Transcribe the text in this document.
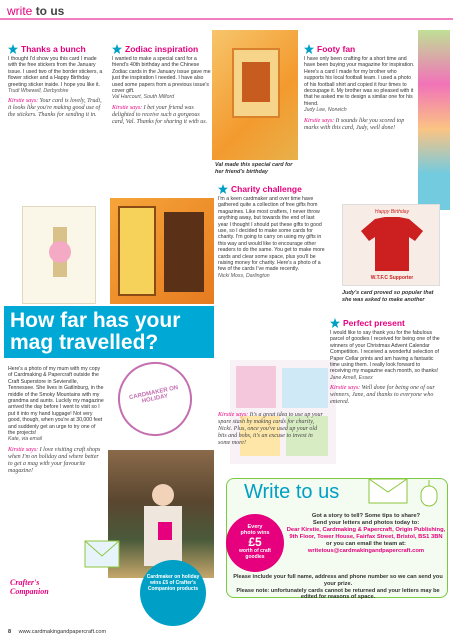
write to us
Thanks a bunch
I thought I'd show you this card I made with the free stickers from the January issue. I used two of the border stickers, a flower sticker and a Happy Birthday greeting sticker inside. I hope you like it.
Trudi Whewell, Derbyshire
Kirstie says: Your card is lovely, Trudi, it looks like you're making good use of the stickers. Thanks for sending it in.
Zodiac inspiration
I wanted to make a special card for a friend's 40th birthday and the Chinese Zodiac cards in the January issue gave me just the inspiration I needed. I have also used some papers from a previous issue's cover gift.
Val Harcourt, South Milford
Kirstie says: I bet your friend was delighted to receive such a gorgeous card, Val. Thanks for sharing it with us.
Val made this special card for her friend's birthday
Footy fan
I have only been crafting for a short time and have been buying your magazine for inspiration. Here's a card I made for my brother who supports his local football team. I used a photo of his football shirt and copied it four times to decoupage it. My brother was so pleased with it that he asked me to design a similar one for his friend.
Judy Lee, Norwich
Kirstie says: It sounds like you scored top marks with this card, Judy, well done!
Charity challenge
I'm a keen cardmaker and over time have gathered quite a collection of free gifts from magazines. Like most crafters, I never throw anything away, but towards the end of last year I thought I should put these gifts to good use, so I decided to make some cards for charity. I'm going to carry on using my gifts in this way and would like to encourage other readers to do the same. You get to make more cards and clear some space, plus you'll be raising money for charity. Here's a photo of a few of the cards I've made recently.
Nicki Moss, Darlington
Happy Birthday
W.T.F.C Supporter
Judy's card proved so popular that she was asked to make another
How far has your mag travelled?
Here's a photo of my mum with my copy of Cardmaking & Papercraft outside the Craft Superstore in Sevierville, Tennessee. She lives in Gatlinburg, in the middle of the Smoky Mountains with my grandma and aunts. Luckily my magazine arrived the day before I went to visit so I put it into my hand luggage! Not very good, though, when you're at 30,000 feet and suddenly get an urge to try one of the projects!
Kate, via email
Kirstie says: I love visiting craft shops when I'm on holiday and where better to get a mag with your favourite magazine!
CARDMAKER ON HOLIDAY
Cardmaker on holiday wins £5 of Crafter's Companion products
Crafter's Companion
Kirstie says: It's a great idea to use up your spare stash by making cards for charity, Nicki. Plus, once you've used up your old bits and bobs, it's an excuse to invest in some more!
Perfect present
I would like to say thank you for the fabulous parcel of goodies I received for being one of the winners of your Christmas Advent Calendar Competition. I received a wonderful selection of Paper Cellar prints and am having a fantastic time using them. I really look forward to receiving my magazine each month, so thanks!
Jane Arnell, Essex
Kirstie says: Well done for being one of our winners, Jane, and thanks to everyone who entered.
Write to us
Every
photo wins
£5
worth of craft
goodies
Got a story to tell? Some tips to share?
Send your letters and photos today to:
Dear Kirstie, Cardmaking & Papercraft, Origin Publishing, 9th Floor, Tower House, Fairfax Street, Bristol, BS1 3BN
or you can email the team at:
writetous@cardmakingandpapercraft.com
Please include your full name, address and phone number so we can send you your prize.
Please note: unfortunately cards cannot be returned and your letters may be edited for reasons of space.
8 www.cardmakingandpapercraft.com
